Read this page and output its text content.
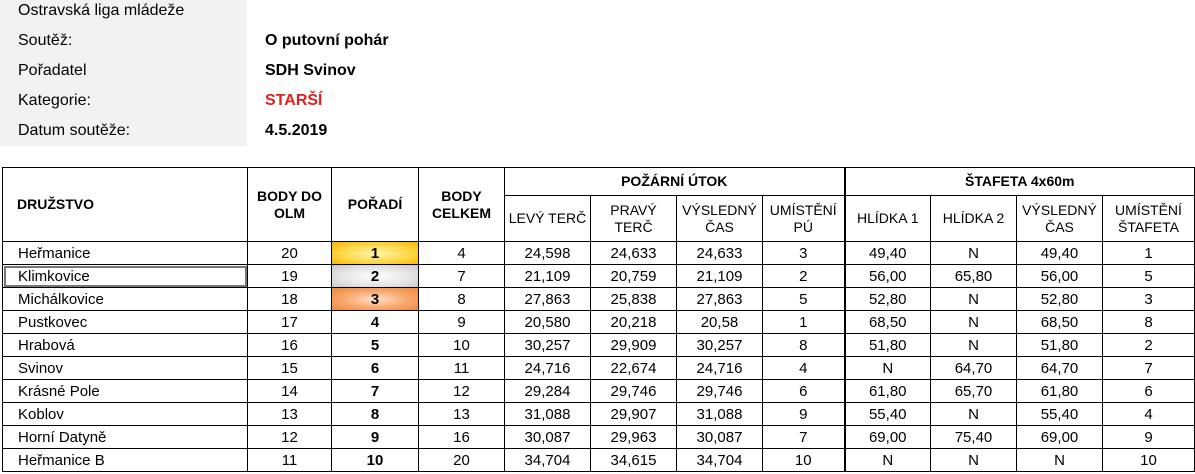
Ostravská liga mládeže
Soutěž:	O putovní pohár
Pořadatel	SDH Svinov
Kategorie:	STARŠÍ
Datum soutěže:	4.5.2019
DRUŽSTVO	BODY DO OLM	POŘADÍ	BODY CELKEM	POŽÁRNÍ ÚTOK				ŠTAFETA 4x60m			
				LEVÝ TERČ	PRAVÝ TERČ	VÝSLEDNÝ ČAS	UMÍSTĚNÍ PÚ	HLÍDKA 1	HLÍDKA 2	VÝSLEDNÝ ČAS	UMÍSTĚNÍ ŠTAFETA
Heřmanice	20	1	4	24,598	24,633	24,633	3	49,40	N	49,40	1
Klimkovice	19	2	7	21,109	20,759	21,109	2	56,00	65,80	56,00	5
Michálkovice	18	3	8	27,863	25,838	27,863	5	52,80	N	52,80	3
Pustkovec	17	4	9	20,580	20,218	20,58	1	68,50	N	68,50	8
Hrabová	16	5	10	30,257	29,909	30,257	8	51,80	N	51,80	2
Svinov	15	6	11	24,716	22,674	24,716	4	N	64,70	64,70	7
Krásné Pole	14	7	12	29,284	29,746	29,746	6	61,80	65,70	61,80	6
Koblov	13	8	13	31,088	29,907	31,088	9	55,40	N	55,40	4
Horní Datyně	12	9	16	30,087	29,963	30,087	7	69,00	75,40	69,00	9
Heřmanice B	11	10	20	34,704	34,615	34,704	10	N	N	N	10
